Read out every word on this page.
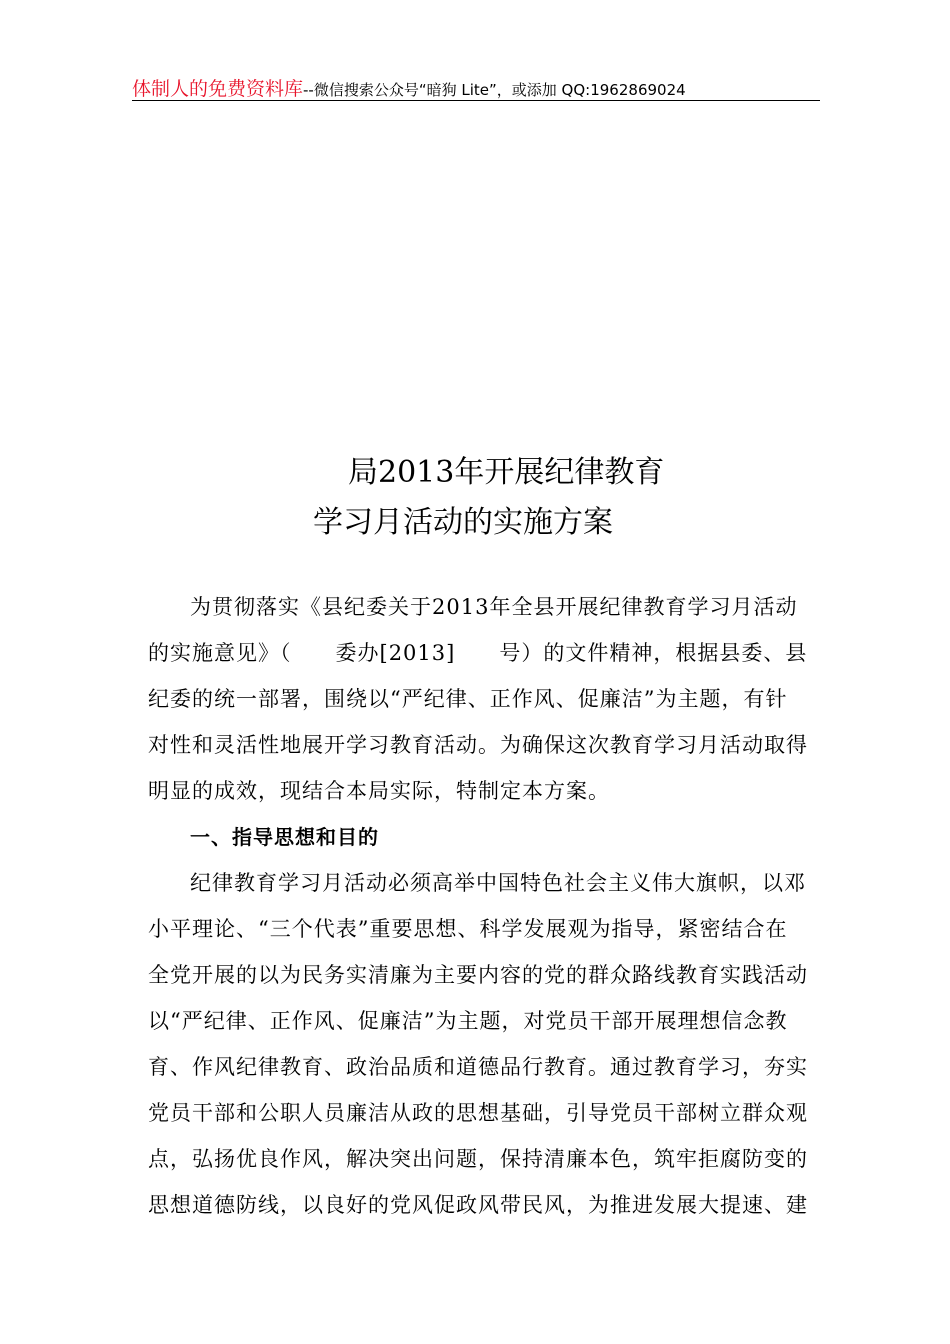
体制人的免费资料库--微信搜索公众号“暗狗 Lite”，或添加 QQ:1962869024
局2013年开展纪律教育
学习月活动的实施方案
为贯彻落实《县纪委关于2013年全县开展纪律教育学习月活动
的实施意见》（　　委办[2013]　　号）的文件精神，根据县委、县
纪委的统一部署，围绕以“严纪律、正作风、促廉洁”为主题，有针
对性和灵活性地展开学习教育活动。为确保这次教育学习月活动取得
明显的成效，现结合本局实际，特制定本方案。
一、指导思想和目的
纪律教育学习月活动必须高举中国特色社会主义伟大旗帜，以邓
小平理论、“三个代表”重要思想、科学发展观为指导，紧密结合在
全党开展的以为民务实清廉为主要内容的党的群众路线教育实践活动
以“严纪律、正作风、促廉洁”为主题，对党员干部开展理想信念教
育、作风纪律教育、政治品质和道德品行教育。通过教育学习，夯实
党员干部和公职人员廉洁从政的思想基础，引导党员干部树立群众观
点，弘扬优良作风，解决突出问题，保持清廉本色，筑牢拒腐防变的
思想道德防线，以良好的党风促政风带民风，为推进发展大提速、建
